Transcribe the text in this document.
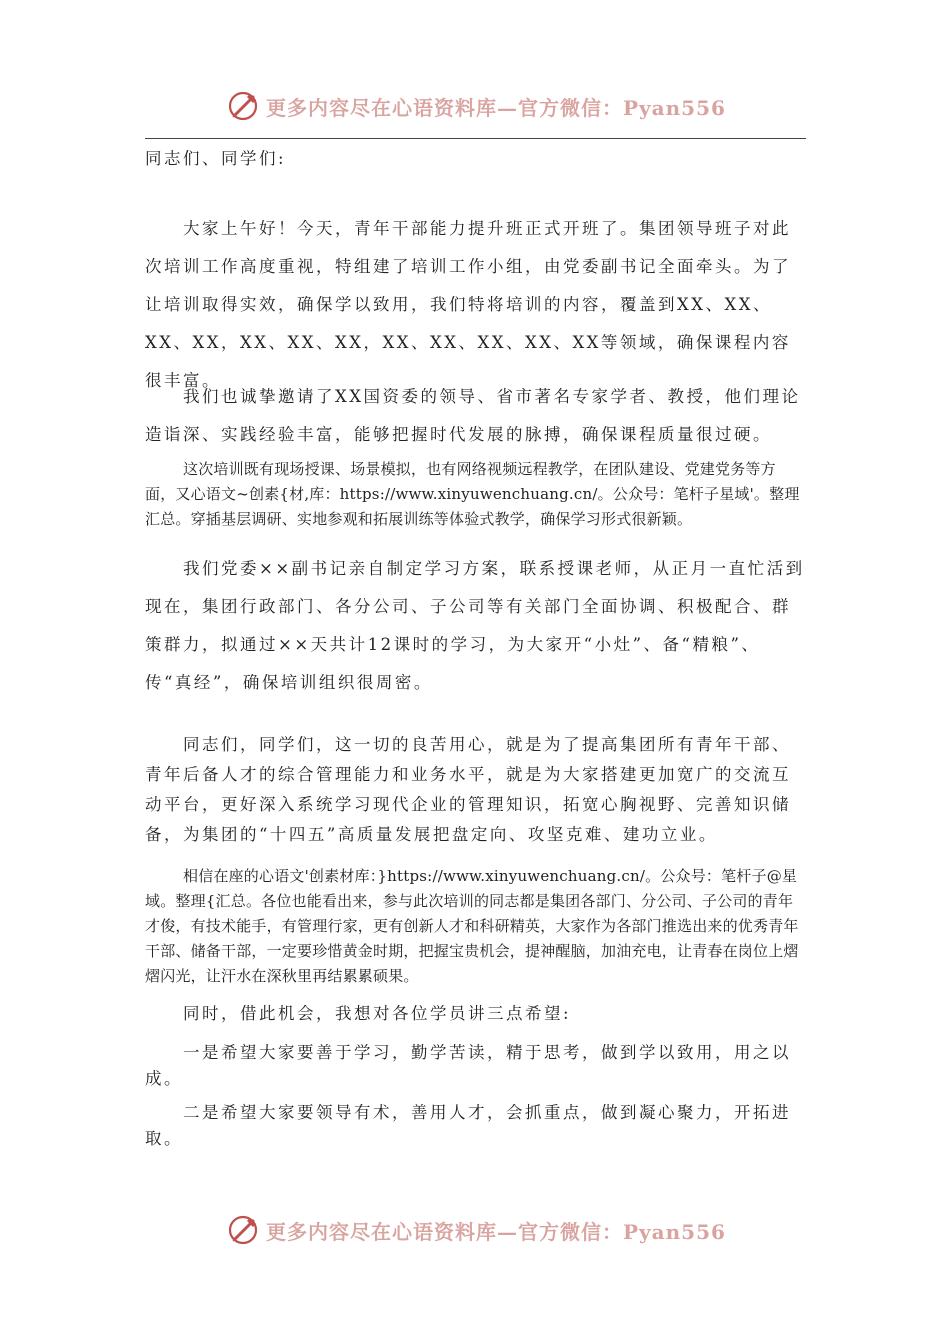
更多内容尽在心语资料库—官方微信：Pyan556

同志们、同学们:

大家上午好！今天，青年干部能力提升班正式开班了。集团领导班子对此次培训工作高度重视，特组建了培训工作小组，由党委副书记全面牵头。为了让培训取得实效，确保学以致用，我们特将培训的内容，覆盖到XX、XX、XX、XX，XX、XX、XX，XX、XX、XX、XX、XX等领域，确保课程内容很丰富。

我们也诚挚邀请了XX国资委的领导、省市著名专家学者、教授，他们理论造诣深、实践经验丰富，能够把握时代发展的脉搏，确保课程质量很过硬。

这次培训既有现场授课、场景模拟，也有网络视频远程教学，在团队建设、党建党务等方面，又心语文~创素{材,库：https://www.xinyuwenchuang.cn/。公众号：笔杆子星域'。整理汇总。穿插基层调研、实地参观和拓展训练等体验式教学，确保学习形式很新颖。

我们党委××副书记亲自制定学习方案，联系授课老师，从正月一直忙活到现在，集团行政部门、各分公司、子公司等有关部门全面协调、积极配合、群策群力，拟通过××天共计12课时的学习，为大家开“小灶”、备“精粮”、传“真经”，确保培训组织很周密。

同志们，同学们，这一切的良苦用心，就是为了提高集团所有青年干部、青年后备人才的综合管理能力和业务水平，就是为大家搭建更加宽广的交流互动平台，更好深入系统学习现代企业的管理知识，拓宽心胸视野、完善知识储备，为集团的“十四五”高质量发展把盘定向、攻坚克难、建功立业。

相信在座的心语文'创素材库：}https://www.xinyuwenchuang.cn/。公众号：笔杆子@星域。整理{汇总。各位也能看出来，参与此次培训的同志都是集团各部门、分公司、子公司的青年才俊，有技术能手，有管理行家，更有创新人才和科研精英，大家作为各部门推选出来的优秀青年干部、储备干部，一定要珍惜黄金时期，把握宝贵机会，提神醒脑，加油充电，让青春在岗位上熠熠闪光，让汗水在深秋里再结累累硕果。

同时，借此机会，我想对各位学员讲三点希望:

一是希望大家要善于学习，勤学苦读，精于思考，做到学以致用，用之以成。

二是希望大家要领导有术，善用人才，会抓重点，做到凝心聚力，开拓进取。

更多内容尽在心语资料库—官方微信：Pyan556
